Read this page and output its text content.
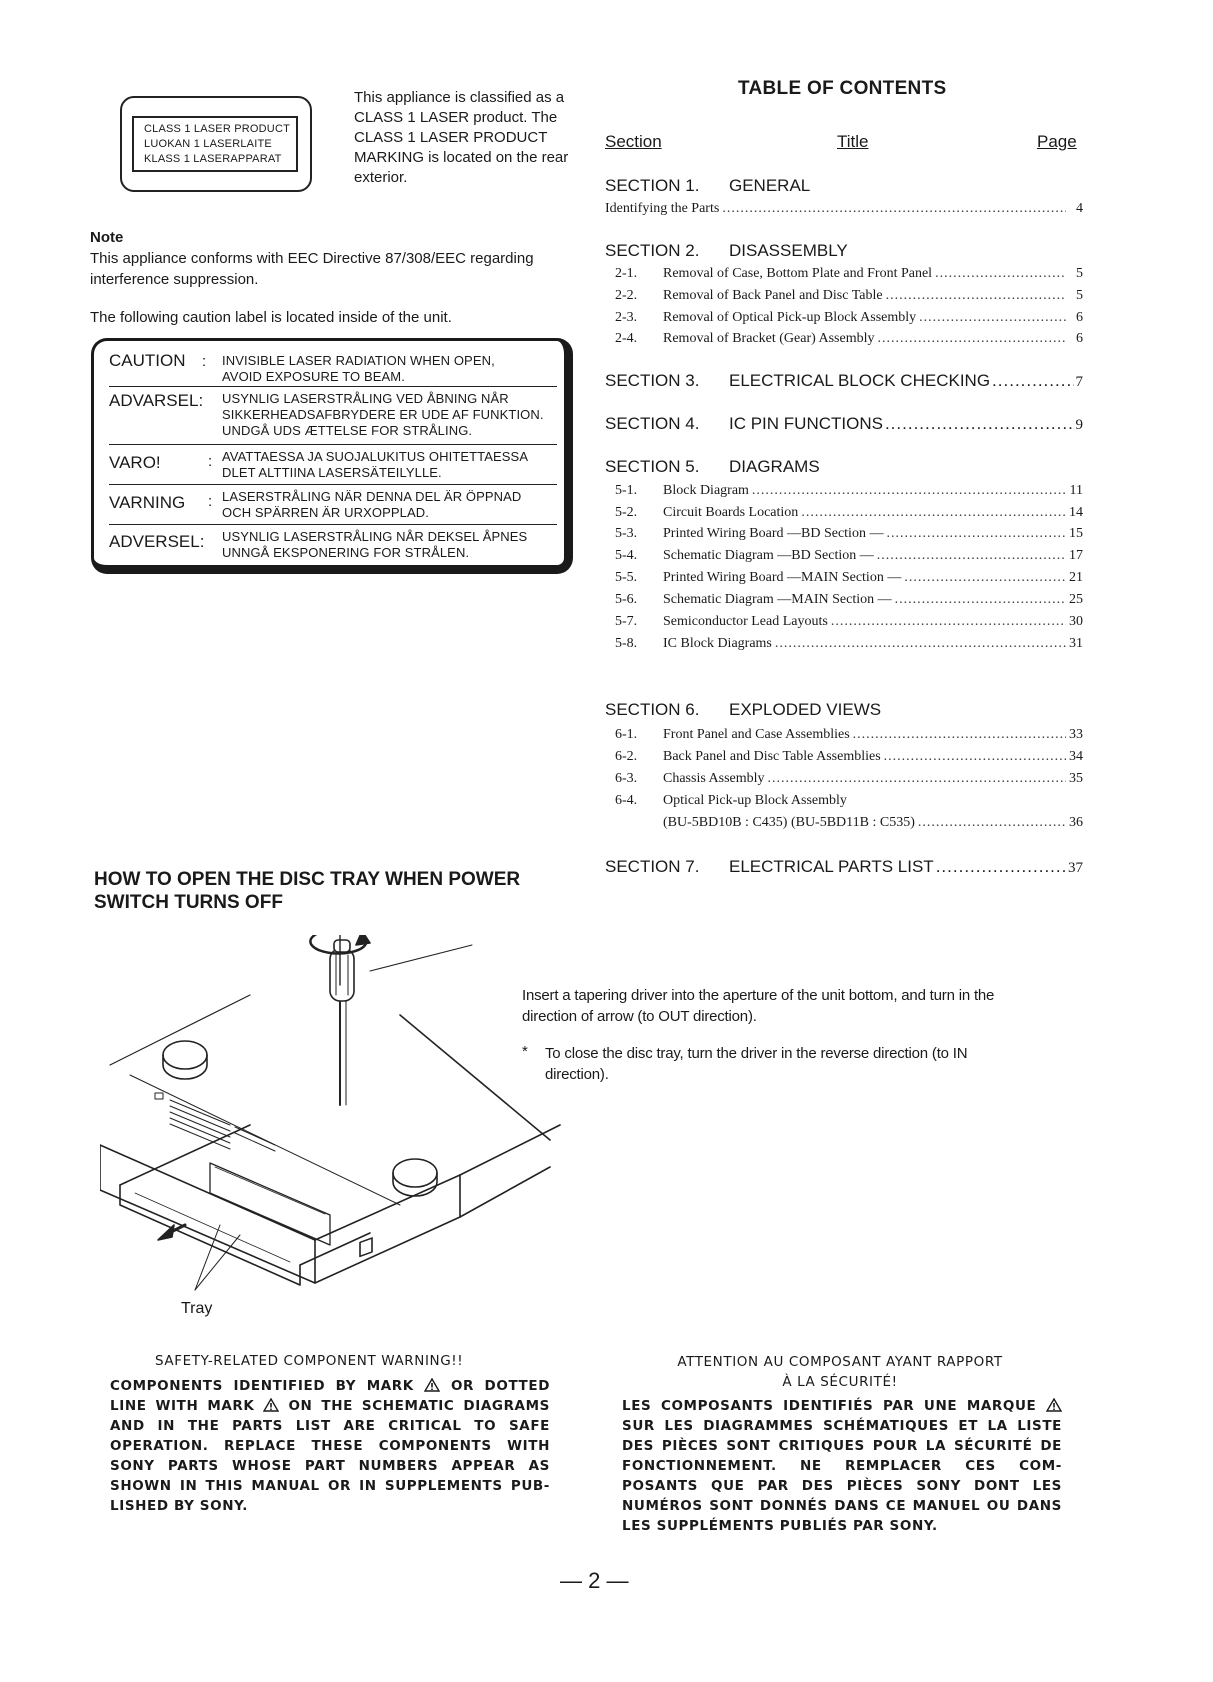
CLASS 1 LASER PRODUCT
LUOKAN 1 LASERLAITE
KLASS 1 LASERAPPARAT
This appliance is classified as a CLASS 1 LASER product. The CLASS 1 LASER PRODUCT MARKING is located on the rear exterior.
Note
This appliance conforms with EEC Directive 87/308/EEC regarding interference suppression.
The following caution label is located inside of the unit.
CAUTION : INVISIBLE LASER RADIATION WHEN OPEN,
AVOID EXPOSURE TO BEAM.
ADVARSEL: USYNLIG LASERSTRÅLING VED ÅBNING NÅR
SIKKERHEADSAFBRYDERE ER UDE AF FUNKTION.
UNDGÅ UDS ÆTTELSE FOR STRÅLING.
VARO!	: AVATTAESSA JA SUOJALUKITUS OHITETTAESSA
DLET ALTTIINA LASERSÄTEILYLLE.
VARNING : LASERSTRÅLING NÄR DENNA DEL ÄR ÖPPNAD
OCH SPÄRREN ÄR URXOPPLAD.
ADVERSEL: USYNLIG LASERSTRÅLING NÅR DEKSEL ÅPNES
UNNGÅ EKSPONERING FOR STRÅLEN.
TABLE OF CONTENTS
Section	Title	Page
SECTION 1. GENERAL
Identifying the Parts .....	4
SECTION 2. DISASSEMBLY
2-1.	Removal of Case, Bottom Plate and Front Panel .....	5
2-2.	Removal of Back Panel and Disc Table .....	5
2-3.	Removal of Optical Pick-up Block Assembly .....	6
2-4.	Removal of Bracket (Gear) Assembly .....	6
SECTION 3.	ELECTRICAL BLOCK CHECKING .....	7
SECTION 4.	IC PIN FUNCTIONS .....	9
SECTION 5. DIAGRAMS
5-1.	Block Diagram .....	11
5-2.	Circuit Boards Location .....	14
5-3.	Printed Wiring Board —BD Section — .....	15
5-4.	Schematic Diagram —BD Section — .....	17
5-5.	Printed Wiring Board —MAIN Section — .....	21
5-6.	Schematic Diagram —MAIN Section — .....	25
5-7.	Semiconductor Lead Layouts .....	30
5-8.	IC Block Diagrams .....	31
SECTION 6. EXPLODED VIEWS
6-1.	Front Panel and Case Assemblies .....	33
6-2.	Back Panel and Disc Table Assemblies .....	34
6-3.	Chassis Assembly .....	35
6-4.	Optical Pick-up Block Assembly
(BU-5BD10B : C435) (BU-5BD11B : C535) .....	36
SECTION 7.	ELECTRICAL PARTS LIST .....	37
HOW TO OPEN THE DISC TRAY WHEN POWER SWITCH TURNS OFF
Insert a tapering driver into the aperture of the unit bottom, and turn in the direction of arrow (to OUT direction).
* To close the disc tray, turn the driver in the reverse direction (to IN direction).
Tray
SAFETY-RELATED COMPONENT WARNING!!
COMPONENTS IDENTIFIED BY MARK	OR DOTTED LINE WITH MARK	ON THE SCHEMATIC DIAGRAMS AND IN THE PARTS LIST ARE CRITICAL TO SAFE OPERATION. REPLACE THESE COMPONENTS WITH SONY PARTS WHOSE PART NUMBERS APPEAR AS SHOWN IN THIS MANUAL OR IN SUPPLEMENTS PUB-LISHED BY SONY.
ATTENTION AU COMPOSANT AYANT RAPPORT
À LA SÉCURITÉ!
LES COMPOSANTS IDENTIFIÉS PAR UNE MARQUE  SUR LES DIAGRAMMES SCHÉMATIQUES ET LA LISTE DES PIÈCES SONT CRITIQUES POUR LA SÉCURITÉ DE FONCTIONNEMENT. NE REMPLACER CES COM-POSANTS QUE PAR DES PIÈCES SONY DONT LES NUMÉROS SONT DONNÉS DANS CE MANUEL OU DANS LES SUPPLÉMENTS PUBLIÉS PAR SONY.
— 2 —
